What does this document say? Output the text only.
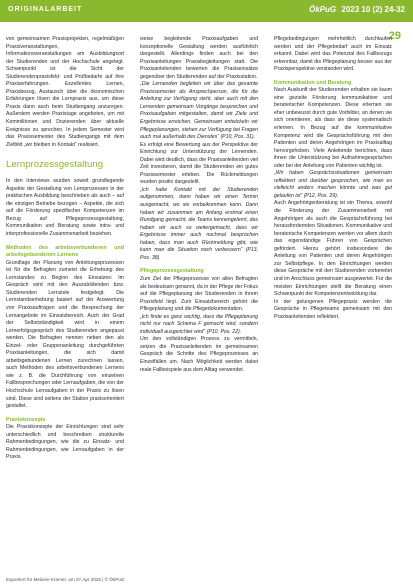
ORIGINALARBEIT	ÖkPuG 2023 10 (2) 24-32
29

von gemeinsamen Praxisprojekten, regelmäßigen Praxisveranstaltungen, Informationsveranstaltungen am Ausbildungsort der Studierenden und der Hochschule angelegt. Schwerpunkt ist die Sicht der Studierendenpraxisfeld- und Prüfbedarfe auf ihre Praxiserfahrungen. Exzellentes Lernen, Praxisbezug, Austausch über die ökonomischen Erfahrungen lösen die Lernpraxis aus, um diese Praxis dann auch beim Studiengang anzuregen. Außerdem werden Praxistage angeboten, um mit Kommilitonen und Dozierenden über aktuelle Ereignisse zu sprechen. In jedem Semester wird das Praxissemester des Studiengangs mit dem Zielbild „wir bleiben in Kontakt“ realisiert.

Lernprozessgestaltung

In den Interviews wurden soweit grundlegende Aspekte der Gestaltung von Lernprozessen in der praktischen Ausbildung beschrieben als auch – auf die einzigen Betriebe bezogen – Aspekte, die sich auf die Förderung spezifischer Kompetenzen im Bezug auf Pflegeprozessgestaltung, Kommunikation und Beratung sowie intra- und interprofessionelle Zusammenarbeit beziehen.

Methoden des arbeitsverbundenen und arbeitsgebundenen Lernens

Grundlage der Planung von Anleitungsprozessen ist für die Befragten zumeist die Erhebung des Lernstandes zu Beginn des Einsatzes: Im Gespräch wird mit den Auszubildenden bzw. Studierenden Lernziele festgelegt. Die Lernstandserhebung basiert auf der Auswertung von Praxisaufträgen und die Besprechung der Lernangebote im Einsatzbereich. Auch der Grad der Selbstständigkeit wird in einem Lernerfolgsgespräch des Studierenden angepasst werden. Die Befragten nennen neben den als Einzel- oder Gruppenanleitung durchgeführten Praxisanleitungen, die sich damit arbeitsgebundenen Lernen zurechnen lassen, auch Methoden des arbeitsverbundenen Lernens wie z. B. die Durchführung von einzelnen Fallbesprechungen oder Lernaufgaben, die von der Hochschule Lernaufgaben in der Praxis zu lösen sind. Diese sind seitens der Station praxisorientiert gestaltet.

Praxiskonzepte

Die Praxiskonzepte der Einrichtungen sind sehr unterschiedlich und beschreiben strukturelle Rahmenbedingungen, wie die zu Einsatz- und Rahmenbedingungen, wie Lernaufgaben in der Praxis.

weise begleitende Praxisaufgaben und konzeptionelle Gestaltung werden ausführlich dargestellt. Allerdings finden auch bei den Praxisanleitungen Praxisbegleitungen statt. Die Praxisanleitenden bewerten die Praxiseinsätze gegenüber den Studierenden auf der Praxisstation.

„Die Lernenden begleiten wir über das gesamte Praxissemester als Ansprechperson, die für die Anleitung zur Verfügung steht, aber auch mit den Lernenden gemeinsam Vorgänge besprechen und Praxisaufgaben mitgestalten, damit wir Ziele und Ergebnisse erreichen. Gemeinsam entwickeln wir Pflegeplanungen, stehen zur Verfügung bei Fragen auch mal außerhalb des Dienstes“ (P10, Pos. 31).

Es erfolgt eine Bewertung aus der Perspektive der Einrichtung zur Unterstützung der Lernenden. Dabei wird deutlich, dass die Praxisanleitenden viel Zeit investieren, damit die Studierenden ein gutes Praxissemester erleben. Die Rückmeldungen wurden positiv dargestellt.

„Ich habe Kontakt mit der Studierenden aufgenommen, dann haben wir einen Termin ausgemacht, wo sie vorbeikommen kann. Dann haben wir zusammen am Anfang erstmal einen Rundgang gemacht, die Teams kennengelernt, das haben wir auch so weitergemacht, dass wir Ergebnisse immer auch nochmal besprochen haben, dass man auch Rückmeldung gibt, wie kann man die Situation noch verbessern“ (P13, Pos. 38).

Pflegeprozessgestaltung

Zum Ziel der Pflegeprozesse von allen Befragten als bedeutsam genannt, da in der Pflege der Fokus auf die Pflegeplanung der Studierenden in ihrem Praxisfeld liegt. Zum Einsatzbereich gehört die Pflegeplanung und die Pflegedokumentation.

„Ich finde es ganz wichtig, dass die Pflegeplanung nicht nur nach Schema F gemacht wird, sondern individuell ausgerichtet wird“ (P10, Pos. 22).

Um den vollständigen Prozess zu vermitteln, setzen die Praxisanleitenden im gemeinsamen Gespräch die Schritte des Pflegeprozesses an Einzelfällen um. Nach Möglichkeit werden dabei reale Fallbeispiele aus dem Alltag verwendet.

Pflegebedingungen mehrheitlich durchlaufen werden und der Pflegebedarf auch im Einsatz erkannt. Dabei wird das Potenzial des Fallbezugs erkennbar, damit die Pflegeplanung besser aus der Praxisperspektive verstanden wird.

Kommunikation und Beratung

Nach Auskunft der Studierenden erhalten sie kaum eine gezielte Förderung kommunikativer und beraterischer Kompetenzen. Diese erlernen sie eher unbewusst durch gute Vorbilder, an denen sie sich orientieren, als dass sie diese systematisch erlernen. In Bezug auf die kommunikative Kompetenz wird die Gesprächsführung mit den Patienten und deren Angehörigen im Praxisalltag hervorgehoben. Viele Anleitende berichten, dass ihnen die Unterstützung bei Aufnahmegesprächen oder bei der Anleitung von Patienten wichtig ist.

„Wir haben Gesprächssituationen gemeinsam reflektiert und darüber gesprochen, wie man es vielleicht anders machen könnte und was gut gelaufen ist“ (P12, Pos. 29).

Auch Angehörigenberatung ist ein Thema, sowohl die Förderung der Zusammenarbeit mit Angehörigen als auch die Gesprächsführung bei herausfordernden Situationen. Kommunikative und beraterische Kompetenzen werden vor allem durch das eigenständige Führen von Gesprächen gefördert. Hierzu gehört insbesondere die Anleitung von Patienten und deren Angehörigen zur Selbstpflege. In den Einrichtungen werden diese Gespräche mit den Studierenden vorbereitet und im Anschluss gemeinsam ausgewertet. Für die meisten Einrichtungen stellt die Beratung einen Schwerpunkt der Kompetenzentwicklung dar.

In der gelungenen Pflegepraxis werden die Gespräche in Pflegeteams gemeinsam mit den Praxisanleitenden reflektiert.

Exportiert für Melanie Kramer, am 07.Apr 2025 | © ÖkPuG
